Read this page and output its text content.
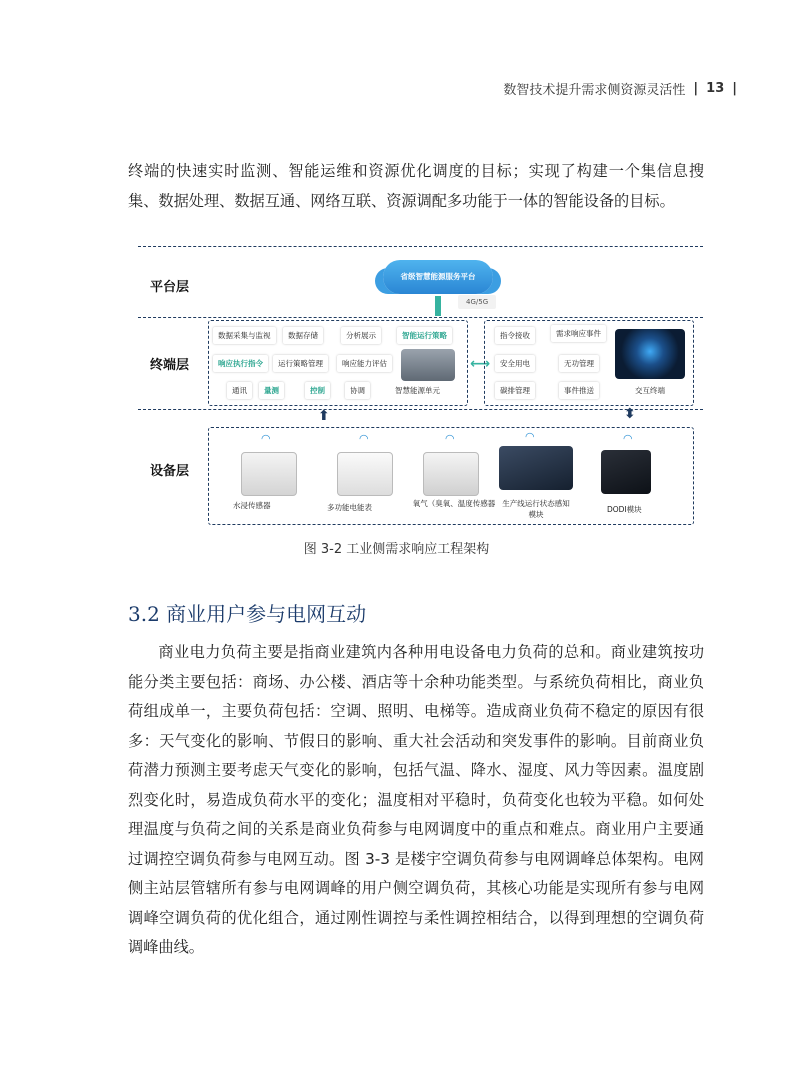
数智技术提升需求侧资源灵活性 | 13 |

终端的快速实时监测、智能运维和资源优化调度的目标；实现了构建一个集信息搜集、数据处理、数据互通、网络互联、资源调配多功能于一体的智能设备的目标。

平台层
终端层
设备层
省级智慧能源服务平台
4G/5G
数据采集与监视	数据存储	分析展示	智能运行策略
响应执行指令	运行策略管理	响应能力评估
通讯	量测	控制	协调	智慧能源单元
⟷
指令接收	需求响应事件
安全用电	无功管理
碳排管理	事件推送	交互终端
⬆	⬍
◠
水浸传感器
◠
多功能电能表
◠
氧气（臭氧、温度传感器
◠
生产线运行状态感知模块
◠
DODI模块
图 3-2 工业侧需求响应工程架构
3.2 商业用户参与电网互动

商业电力负荷主要是指商业建筑内各种用电设备电力负荷的总和。商业建筑按功能分类主要包括：商场、办公楼、酒店等十余种功能类型。与系统负荷相比，商业负荷组成单一，主要负荷包括：空调、照明、电梯等。造成商业负荷不稳定的原因有很多：天气变化的影响、节假日的影响、重大社会活动和突发事件的影响。目前商业负荷潜力预测主要考虑天气变化的影响，包括气温、降水、湿度、风力等因素。温度剧烈变化时，易造成负荷水平的变化；温度相对平稳时，负荷变化也较为平稳。如何处理温度与负荷之间的关系是商业负荷参与电网调度中的重点和难点。商业用户主要通过调控空调负荷参与电网互动。图 3-3 是楼宇空调负荷参与电网调峰总体架构。电网侧主站层管辖所有参与电网调峰的用户侧空调负荷，其核心功能是实现所有参与电网调峰空调负荷的优化组合，通过刚性调控与柔性调控相结合，以得到理想的空调负荷调峰曲线。
